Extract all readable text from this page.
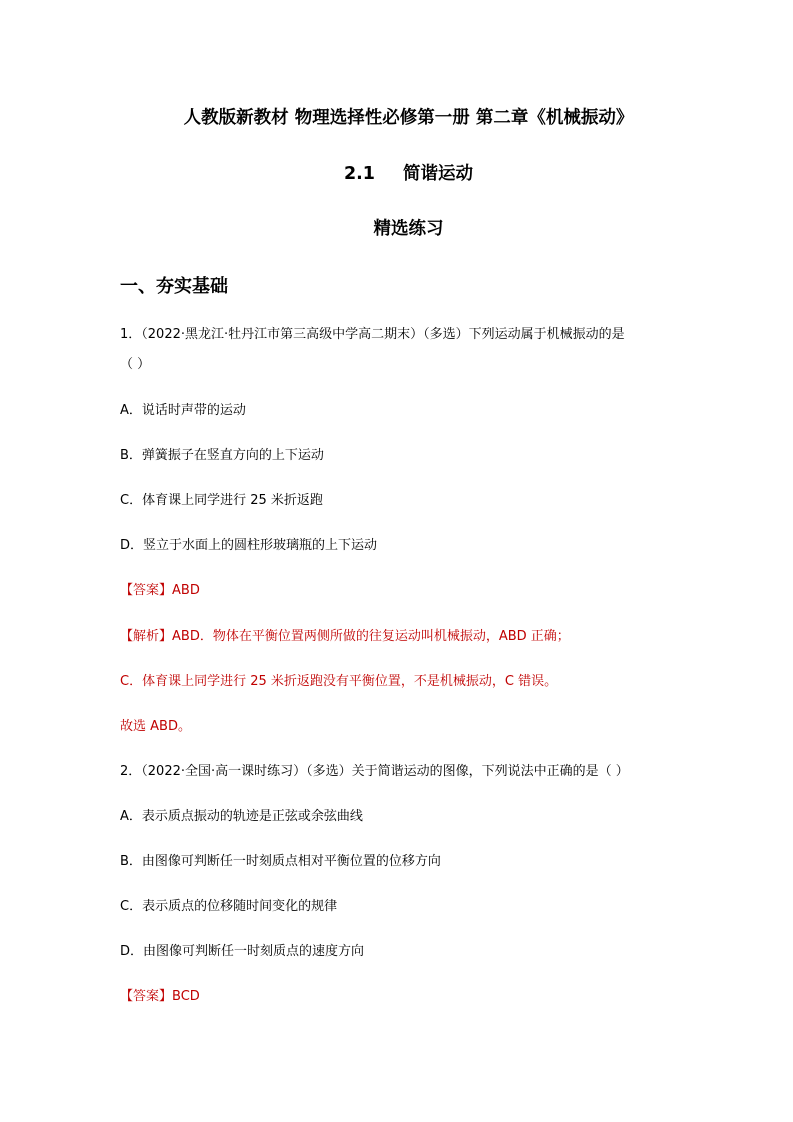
人教版新教材 物理选择性必修第一册 第二章《机械振动》
2.1 简谐运动
精选练习
一、夯实基础
1．（2022·黑龙江·牡丹江市第三高级中学高二期末）（多选）下列运动属于机械振动的是
（ ）
A．说话时声带的运动
B．弹簧振子在竖直方向的上下运动
C．体育课上同学进行 25 米折返跑
D．竖立于水面上的圆柱形玻璃瓶的上下运动
【答案】ABD
【解析】ABD．物体在平衡位置两侧所做的往复运动叫机械振动，ABD 正确；
C．体育课上同学进行 25 米折返跑没有平衡位置，不是机械振动，C 错误。
故选 ABD。
2．（2022·全国·高一课时练习）（多选）关于简谐运动的图像，下列说法中正确的是（ ）
A．表示质点振动的轨迹是正弦或余弦曲线
B．由图像可判断任一时刻质点相对平衡位置的位移方向
C．表示质点的位移随时间变化的规律
D．由图像可判断任一时刻质点的速度方向
【答案】BCD
